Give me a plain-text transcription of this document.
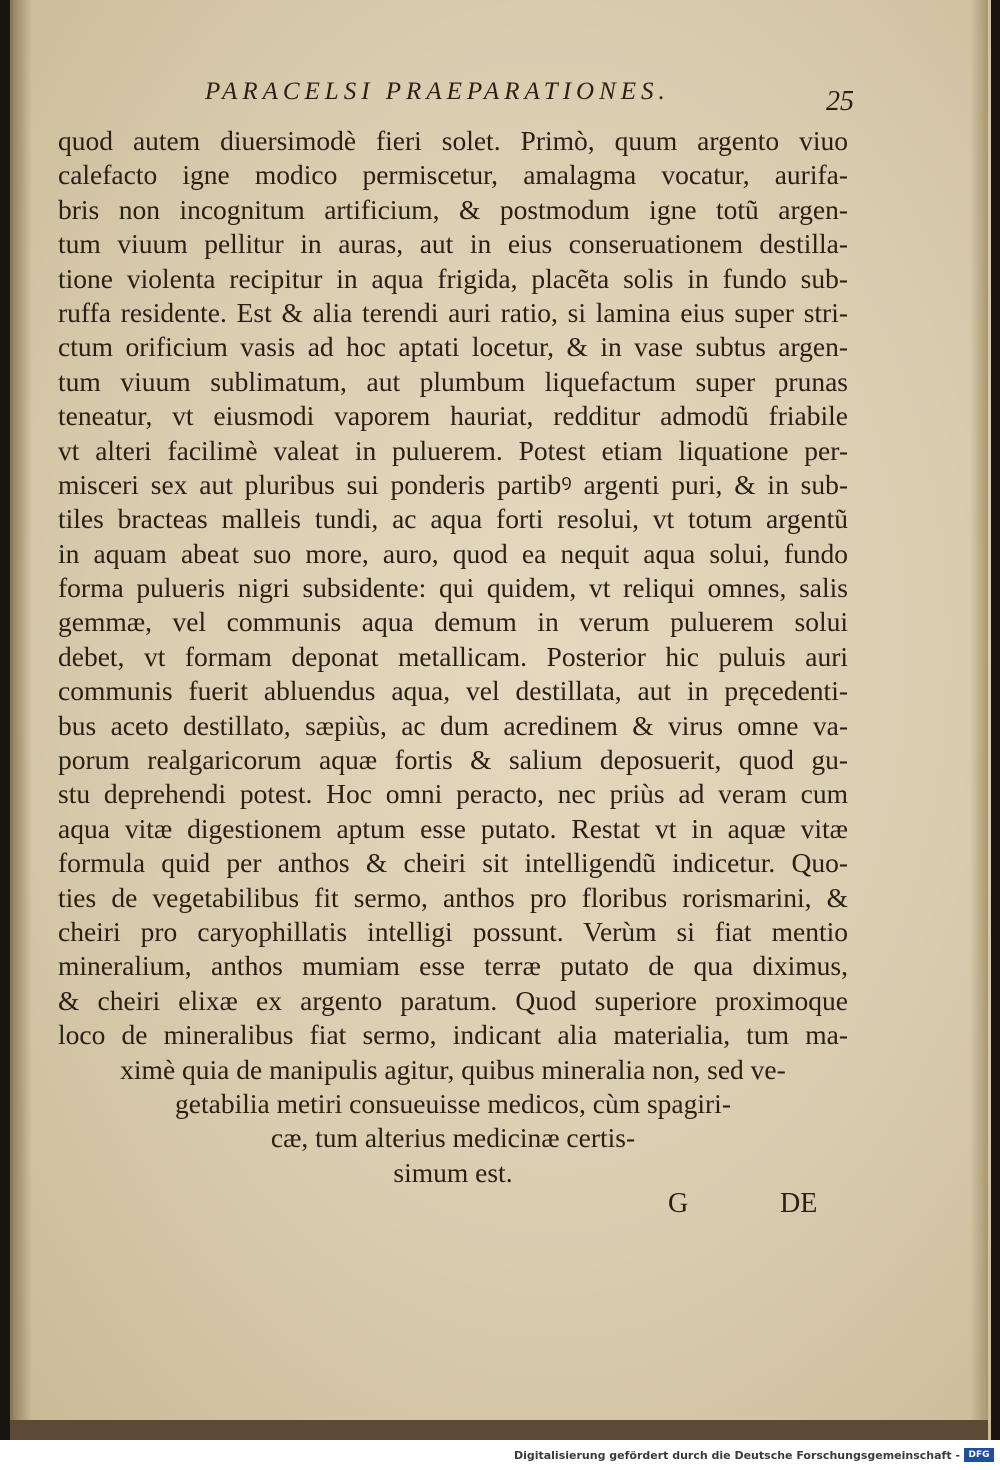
PARACELSI PRAEPARATIONES.	25
quod autem diuersimodè fieri solet. Primò, quum argento viuo
calefacto igne modico permiscetur, amalagma vocatur, aurifa-
bris non incognitum artificium, & postmodum igne totũ argen-
tum viuum pellitur in auras, aut in eius conseruationem destilla-
tione violenta recipitur in aqua frigida, placẽta solis in fundo sub-
ruffa residente. Est & alia terendi auri ratio, si lamina eius super stri-
ctum orificium vasis ad hoc aptati locetur, & in vase subtus argen-
tum viuum sublimatum, aut plumbum liquefactum super prunas
teneatur, vt eiusmodi vaporem hauriat, redditur admodũ friabile
vt alteri facilimè valeat in puluerem. Potest etiam liquatione per-
misceri sex aut pluribus sui ponderis partibꝰ argenti puri, & in sub-
tiles bracteas malleis tundi, ac aqua forti resolui, vt totum argentũ
in aquam abeat suo more, auro, quod ea nequit aqua solui, fundo
forma pulueris nigri subsidente: qui quidem, vt reliqui omnes, salis
gemmæ, vel communis aqua demum in verum puluerem solui
debet, vt formam deponat metallicam. Posterior hic puluis auri
communis fuerit abluendus aqua, vel destillata, aut in pręcedenti-
bus aceto destillato, sæpiùs, ac dum acredinem & virus omne va-
porum realgaricorum aquæ fortis & salium deposuerit, quod gu-
stu deprehendi potest. Hoc omni peracto, nec priùs ad veram cum
aqua vitæ digestionem aptum esse putato. Restat vt in aquæ vitæ
formula quid per anthos & cheiri sit intelligendũ indicetur. Quo-
ties de vegetabilibus fit sermo, anthos pro floribus rorismarini, &
cheiri pro caryophillatis intelligi possunt. Verùm si fiat mentio
mineralium, anthos mumiam esse terræ putato de qua diximus,
& cheiri elixæ ex argento paratum. Quod superiore proximoque
loco de mineralibus fiat sermo, indicant alia materialia, tum ma-
ximè quia de manipulis agitur, quibus mineralia non, sed ve-
getabilia metiri consueuisse medicos, cùm spagiri-
cæ, tum alterius medicinæ certis-
simum est.
G	DE
Digitalisierung gefördert durch die Deutsche Forschungsgemeinschaft - DFG
